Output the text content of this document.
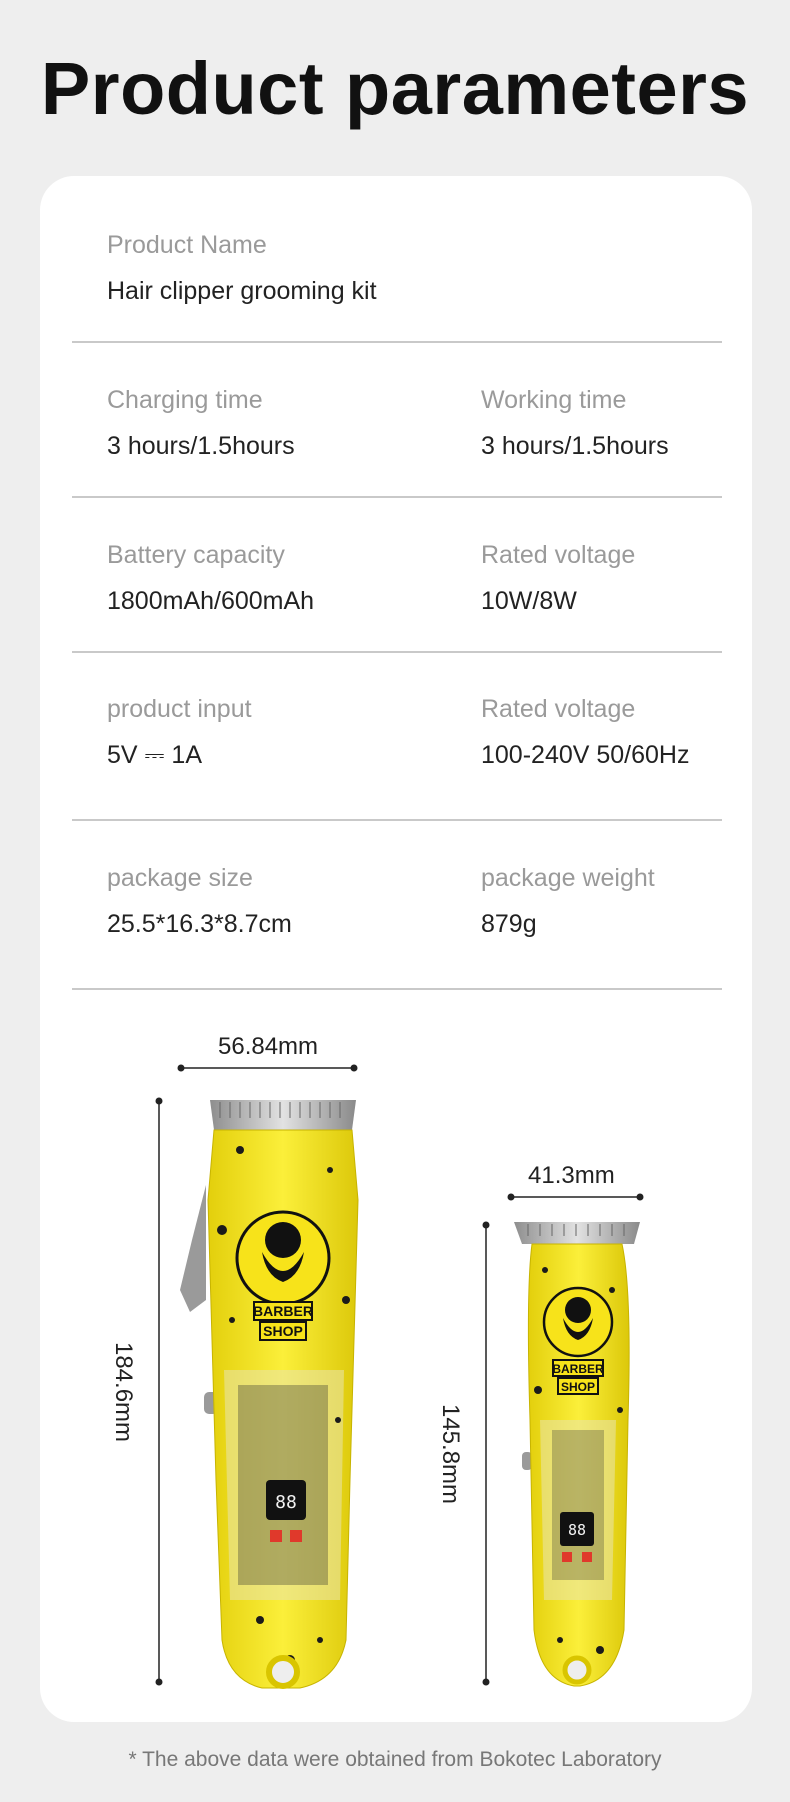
Product parameters
Product Name
Hair clipper grooming kit
Charging time
3 hours/1.5hours
Working time
3 hours/1.5hours
Battery capacity
1800mAh/600mAh
Rated voltage
10W/8W
product input
5V ⎓ 1A
Rated voltage
100-240V 50/60Hz
package size
25.5*16.3*8.7cm
package weight
879g
BARBER
SHOP
88
BARBER
SHOP
88
56.84mm
41.3mm
184.6mm
145.8mm
* The above data were obtained from Bokotec Laboratory
